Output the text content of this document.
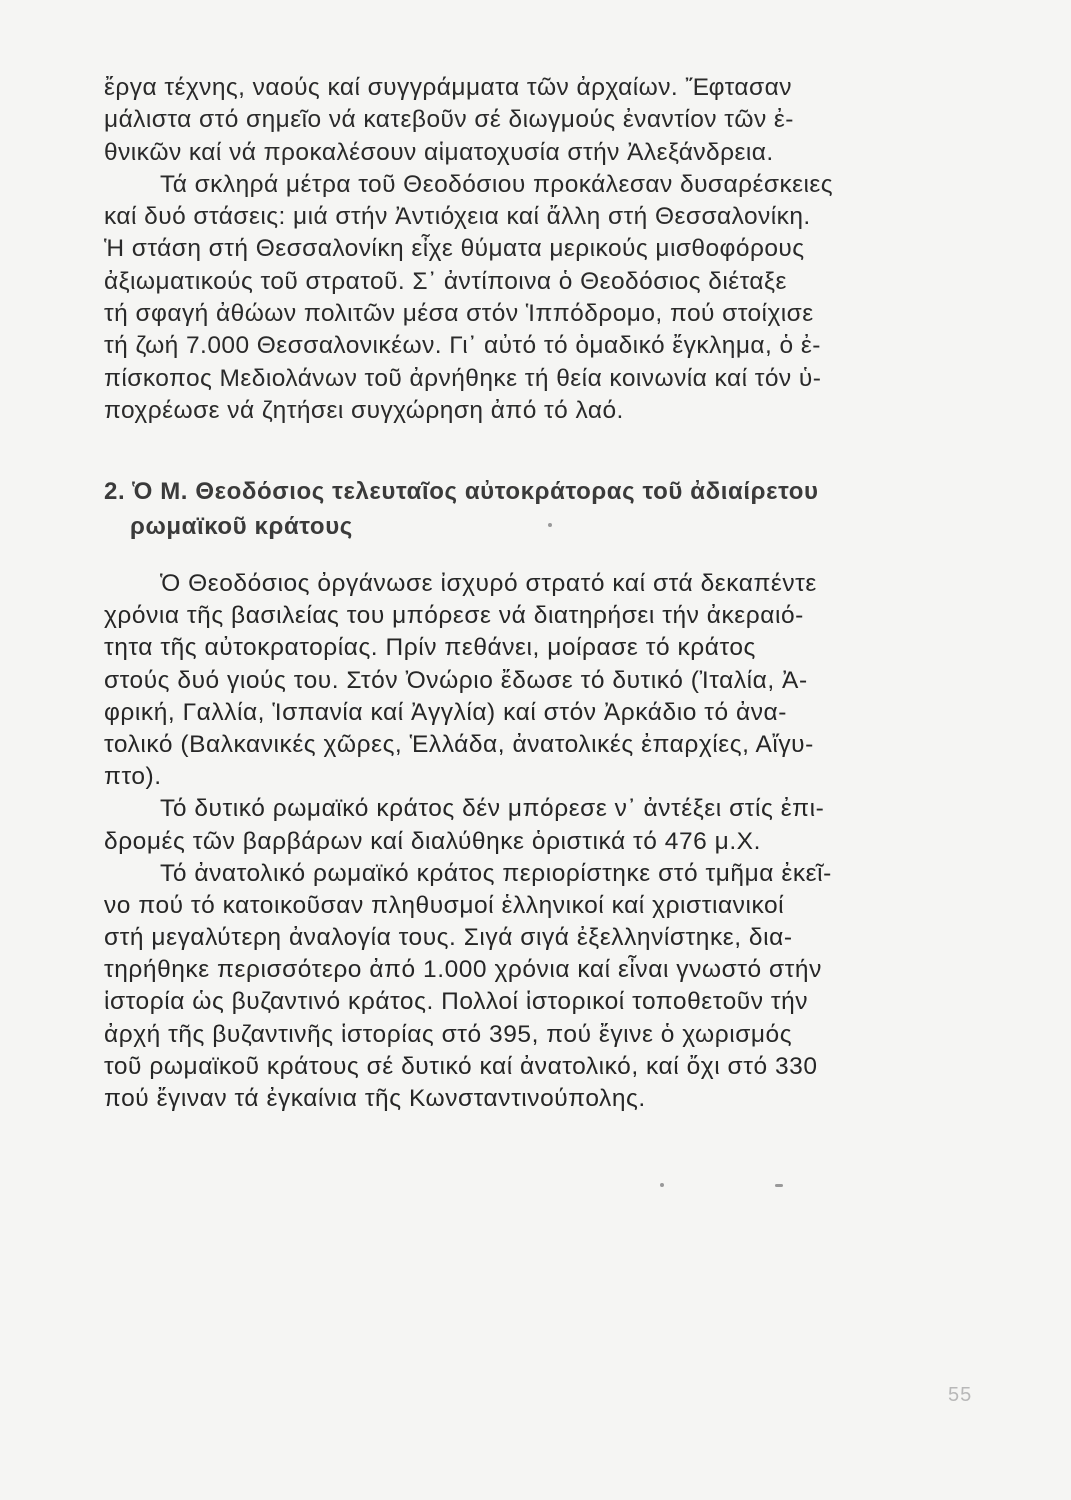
ἔργα τέχνης, ναούς καί συγγράμματα τῶν ἀρχαίων. Ἔφτασαν
μάλιστα στό σημεῖο νά κατεβοῦν σέ διωγμούς ἐναντίον τῶν ἐ-
θνικῶν καί νά προκαλέσουν αἱματοχυσία στήν Ἀλεξάνδρεια.
Τά σκληρά μέτρα τοῦ Θεοδόσιου προκάλεσαν δυσαρέσκειες
καί δυό στάσεις: μιά στήν Ἀντιόχεια καί ἄλλη στή Θεσσαλονίκη.
Ἡ στάση στή Θεσσαλονίκη εἶχε θύματα μερικούς μισθοφόρους
ἀξιωματικούς τοῦ στρατοῦ. Σ᾽ ἀντίποινα ὁ Θεοδόσιος διέταξε
τή σφαγή ἀθώων πολιτῶν μέσα στόν Ἱππόδρομο, πού στοίχισε
τή ζωή 7.000 Θεσσαλονικέων. Γι᾽ αὐτό τό ὁμαδικό ἔγκλημα, ὁ ἐ-
πίσκοπος Μεδιολάνων τοῦ ἀρνήθηκε τή θεία κοινωνία καί τόν ὑ-
ποχρέωσε νά ζητήσει συγχώρηση ἀπό τό λαό.
2. Ὁ Μ. Θεοδόσιος τελευταῖος αὐτοκράτορας τοῦ ἀδιαίρετου
ρωμαϊκοῦ κράτους
Ὁ Θεοδόσιος ὀργάνωσε ἰσχυρό στρατό καί στά δεκαπέντε
χρόνια τῆς βασιλείας του μπόρεσε νά διατηρήσει τήν ἀκεραιό-
τητα τῆς αὐτοκρατορίας. Πρίν πεθάνει, μοίρασε τό κράτος
στούς δυό γιούς του. Στόν Ὀνώριο ἔδωσε τό δυτικό (Ἰταλία, Ἀ-
φρική, Γαλλία, Ἱσπανία καί Ἀγγλία) καί στόν Ἀρκάδιο τό ἀνα-
τολικό (Βαλκανικές χῶρες, Ἑλλάδα, ἀνατολικές ἐπαρχίες, Αἴγυ-
πτο).
Τό δυτικό ρωμαϊκό κράτος δέν μπόρεσε ν᾽ ἀντέξει στίς ἐπι-
δρομές τῶν βαρβάρων καί διαλύθηκε ὁριστικά τό 476 μ.Χ.
Τό ἀνατολικό ρωμαϊκό κράτος περιορίστηκε στό τμῆμα ἐκεῖ-
νο πού τό κατοικοῦσαν πληθυσμοί ἑλληνικοί καί χριστιανικοί
στή μεγαλύτερη ἀναλογία τους. Σιγά σιγά ἐξελληνίστηκε, δια-
τηρήθηκε περισσότερο ἀπό 1.000 χρόνια καί εἶναι γνωστό στήν
ἱστορία ὡς βυζαντινό κράτος. Πολλοί ἱστορικοί τοποθετοῦν τήν
ἀρχή τῆς βυζαντινῆς ἱστορίας στό 395, πού ἔγινε ὁ χωρισμός
τοῦ ρωμαϊκοῦ κράτους σέ δυτικό καί ἀνατολικό, καί ὄχι στό 330
πού ἔγιναν τά ἐγκαίνια τῆς Κωνσταντινούπολης.
55
